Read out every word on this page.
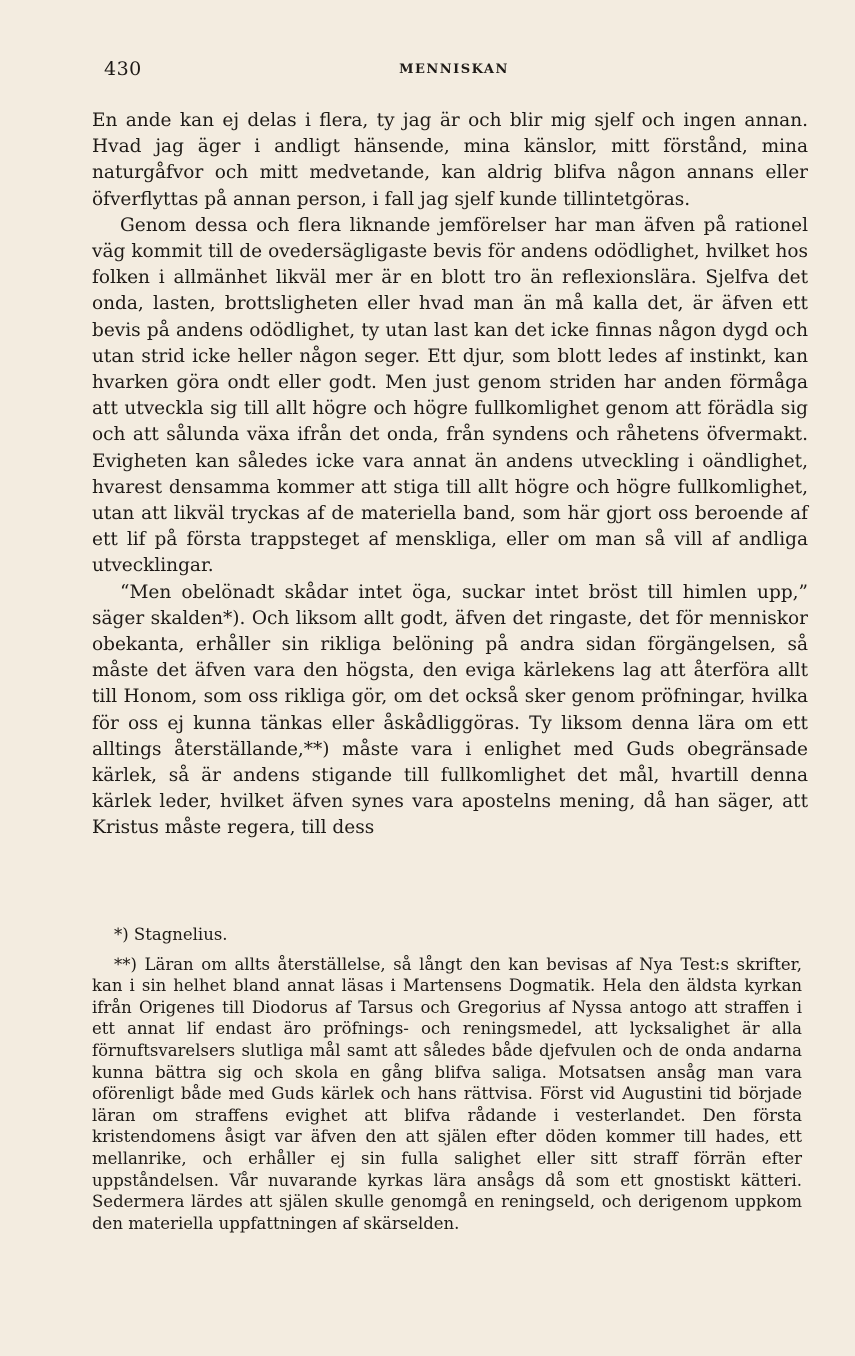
430	MENNISKAN

En ande kan ej delas i flera, ty jag är och blir mig sjelf och ingen annan. Hvad jag äger i andligt hänsende, mina känslor, mitt förstånd, mina naturgåfvor och mitt medvetande, kan aldrig blifva någon annans eller öfverflyttas på annan person, i fall jag sjelf kunde tillintetgöras.

Genom dessa och flera liknande jemförelser har man äfven på rationel väg kommit till de ovedersägligaste bevis för andens odödlighet, hvilket hos folken i allmänhet likväl mer är en blott tro än reflexionslära. Sjelfva det onda, lasten, brottsligheten eller hvad man än må kalla det, är äfven ett bevis på andens odödlighet, ty utan last kan det icke finnas någon dygd och utan strid icke heller någon seger. Ett djur, som blott ledes af instinkt, kan hvarken göra ondt eller godt. Men just genom striden har anden förmåga att utveckla sig till allt högre och högre fullkomlighet genom att förädla sig och att sålunda växa ifrån det onda, från syndens och råhetens öfvermakt. Evigheten kan således icke vara annat än andens utveckling i oändlighet, hvarest densamma kommer att stiga till allt högre och högre fullkomlighet, utan att likväl tryckas af de materiella band, som här gjort oss beroende af ett lif på första trappsteget af menskliga, eller om man så vill af andliga utvecklingar.

“Men obelönadt skådar intet öga, suckar intet bröst till himlen upp,” säger skalden*). Och liksom allt godt, äfven det ringaste, det för menniskor obekanta, erhåller sin rikliga belöning på andra sidan förgängelsen, så måste det äfven vara den högsta, den eviga kärlekens lag att återföra allt till Honom, som oss rikliga gör, om det också sker genom pröfningar, hvilka för oss ej kunna tänkas eller åskådliggöras. Ty liksom denna lära om ett alltings återställande,**) måste vara i enlighet med Guds obegränsade kärlek, så är andens stigande till fullkomlighet det mål, hvartill denna kärlek leder, hvilket äfven synes vara apostelns mening, då han säger, att Kristus måste regera, till dess

*) Stagnelius.

**) Läran om allts återställelse, så långt den kan bevisas af Nya Test:s skrifter, kan i sin helhet bland annat läsas i Martensens Dogmatik. Hela den äldsta kyrkan ifrån Origenes till Diodorus af Tarsus och Gregorius af Nyssa antogo att straffen i ett annat lif endast äro pröfnings- och reningsmedel, att lycksalighet är alla förnuftsvarelsers slutliga mål samt att således både djefvulen och de onda andarna kunna bättra sig och skola en gång blifva saliga. Motsatsen ansåg man vara oförenligt både med Guds kärlek och hans rättvisa. Först vid Augustini tid började läran om straffens evighet att blifva rådande i vesterlandet. Den första kristendomens åsigt var äfven den att själen efter döden kommer till hades, ett mellanrike, och erhåller ej sin fulla salighet eller sitt straff förrän efter uppståndelsen. Vår nuvarande kyrkas lära ansågs då som ett gnostiskt kätteri. Sedermera lärdes att själen skulle genomgå en reningseld, och derigenom uppkom den materiella uppfattningen af skärselden.
